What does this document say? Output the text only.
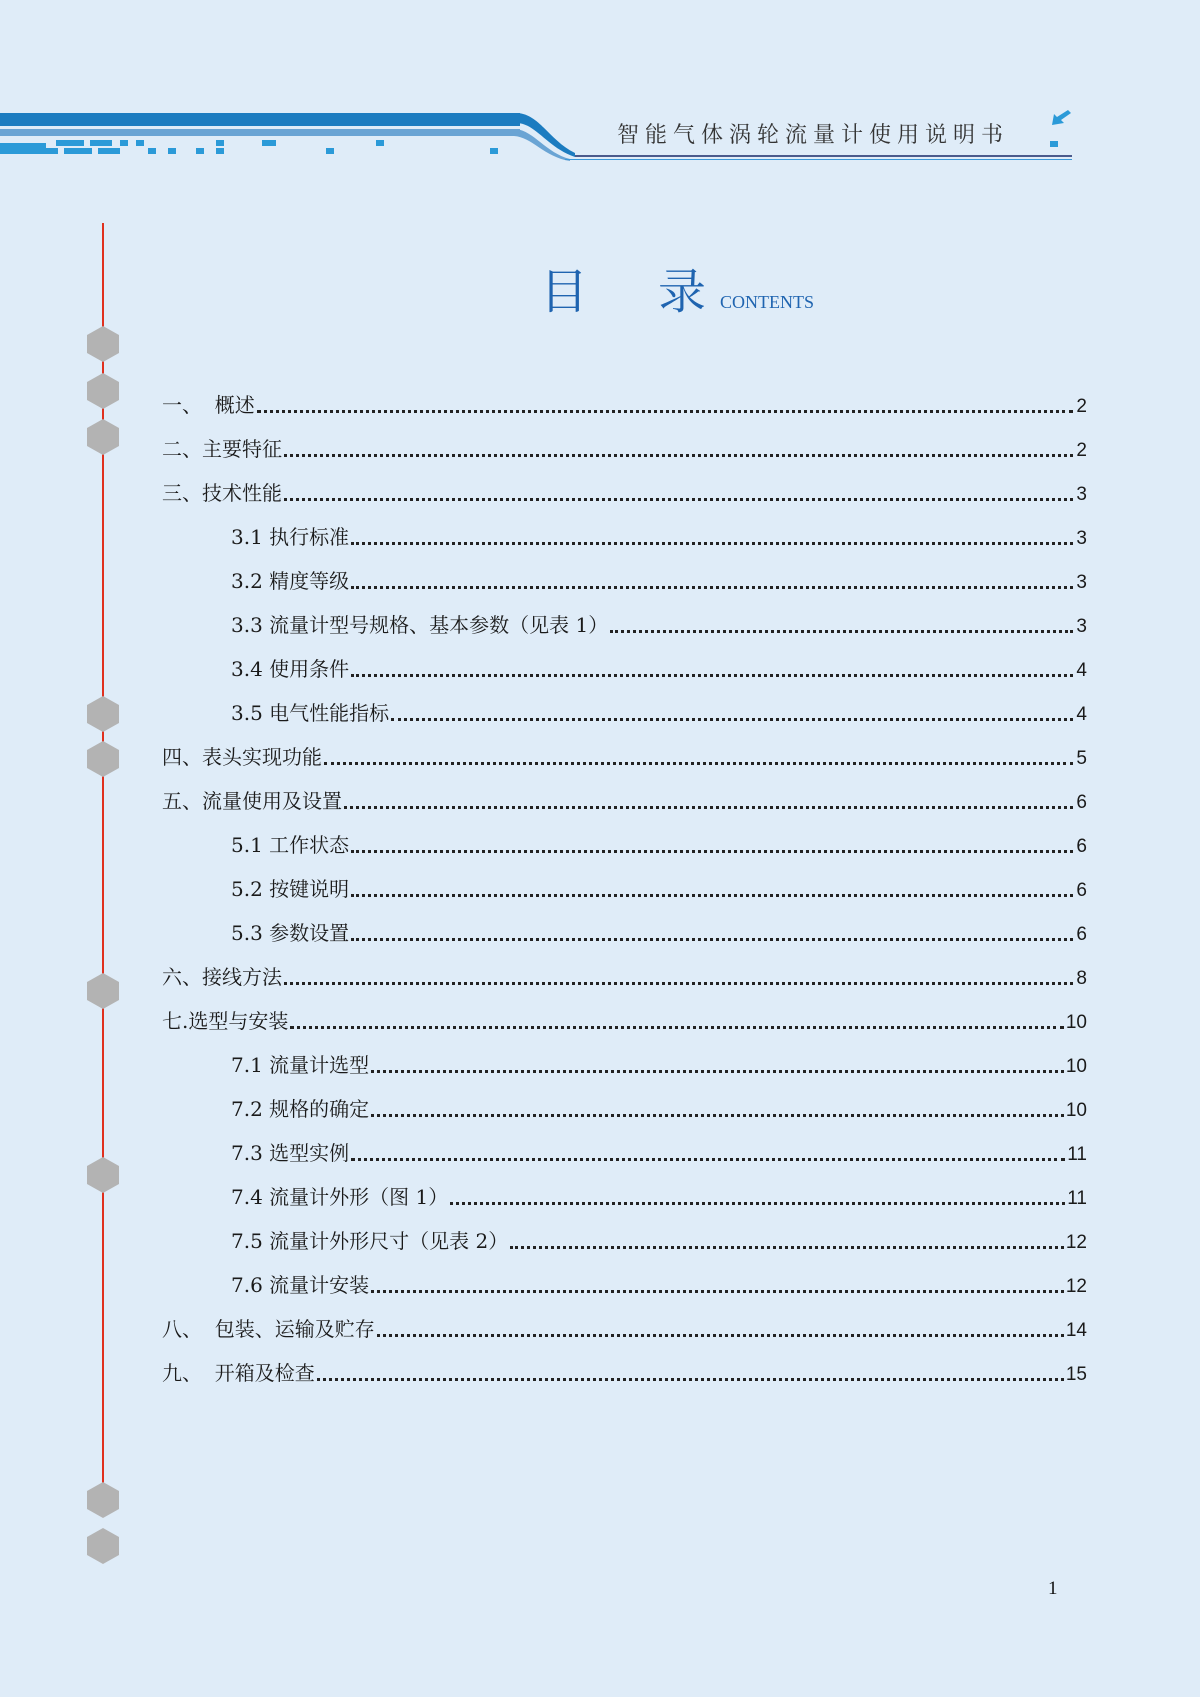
智能气体涡轮流量计使用说明书
目 录 CONTENTS
一、  概述	2
二、主要特征	2
三、技术性能	3
3.1 执行标准	3
3.2 精度等级	3
3.3 流量计型号规格、基本参数（见表 1）	3
3.4 使用条件	4
3.5 电气性能指标	4
四、表头实现功能	5
五、流量使用及设置	6
5.1 工作状态	6
5.2 按键说明	6
5.3 参数设置	6
六、接线方法	8
七.选型与安装	10
7.1 流量计选型	10
7.2 规格的确定	10
7.3 选型实例	11
7.4 流量计外形（图 1）	11
7.5 流量计外形尺寸（见表 2）	12
7.6 流量计安装	12
八、  包装、运输及贮存	14
九、  开箱及检查	15
1
